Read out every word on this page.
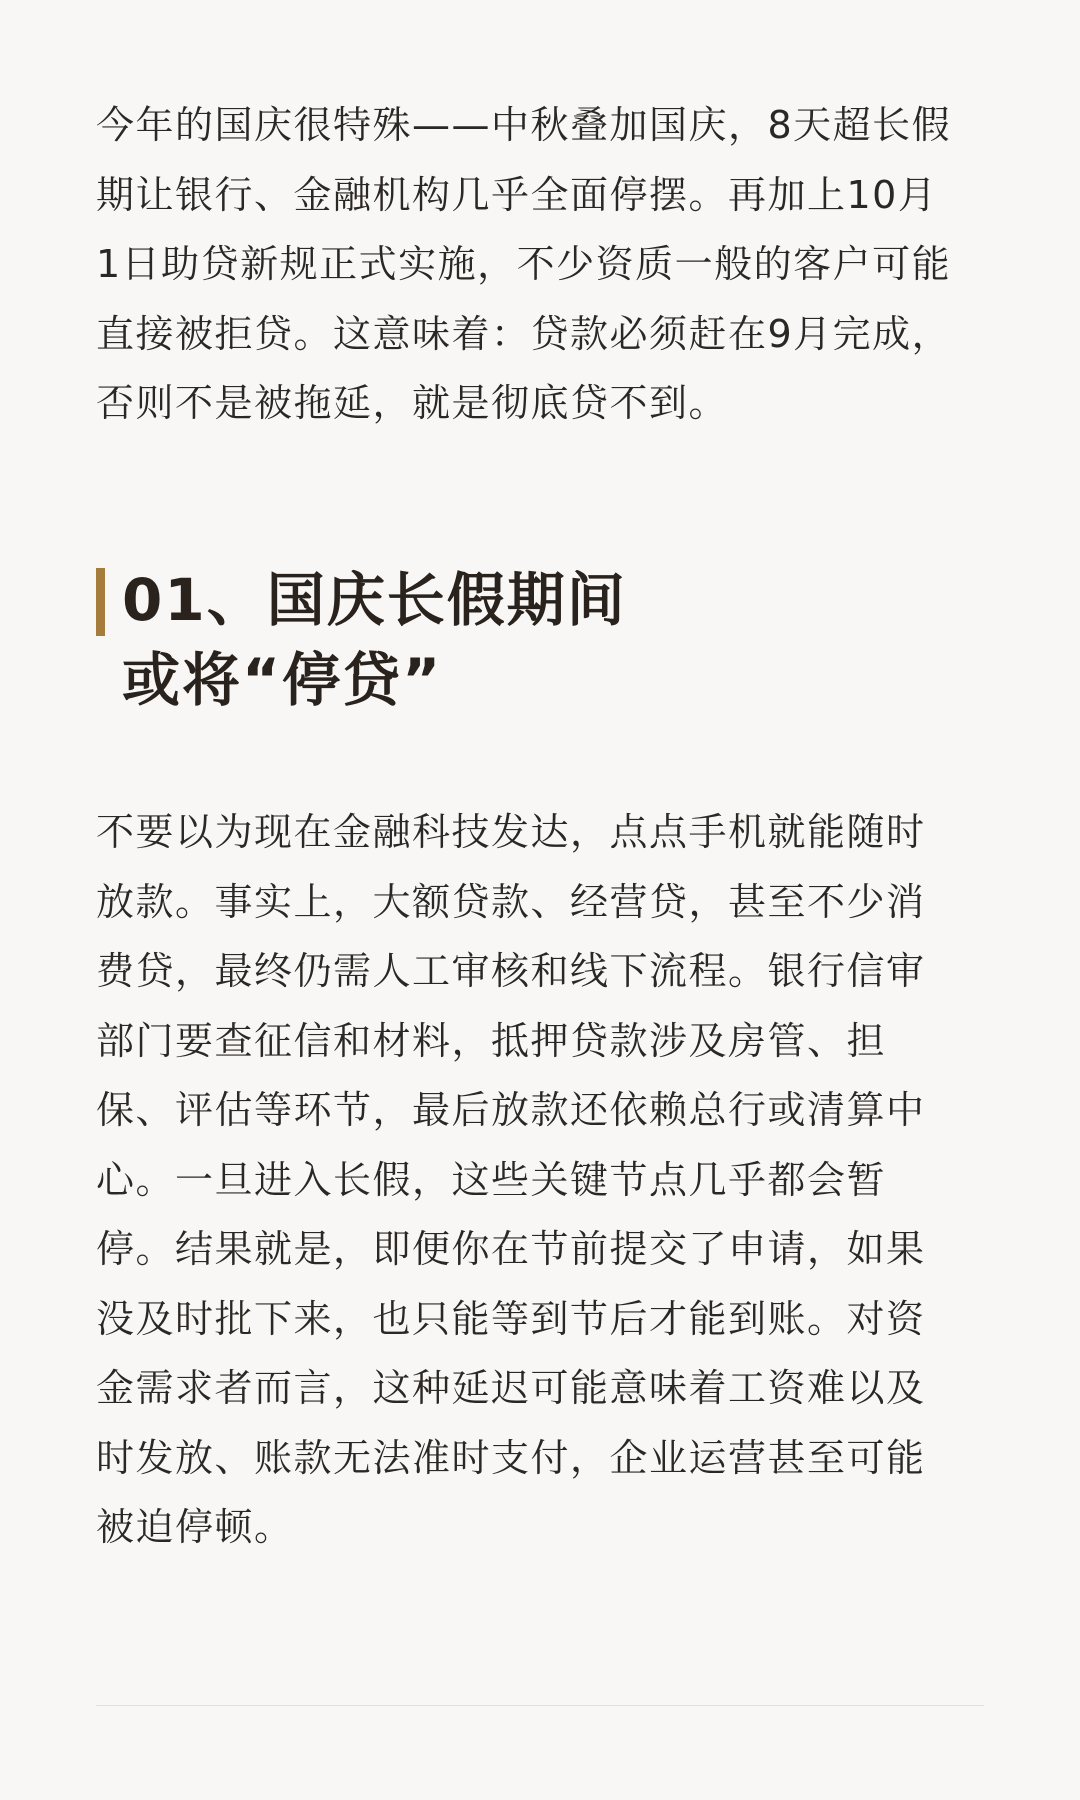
今年的国庆很特殊——中秋叠加国庆，8天超长假
期让银行、金融机构几乎全面停摆。再加上10月
1日助贷新规正式实施，不少资质一般的客户可能
直接被拒贷。这意味着：贷款必须赶在9月完成，
否则不是被拖延，就是彻底贷不到。
01、国庆长假期间
或将“停贷”
不要以为现在金融科技发达，点点手机就能随时
放款。事实上，大额贷款、经营贷，甚至不少消
费贷，最终仍需人工审核和线下流程。银行信审
部门要查征信和材料，抵押贷款涉及房管、担
保、评估等环节，最后放款还依赖总行或清算中
心。一旦进入长假，这些关键节点几乎都会暂
停。结果就是，即便你在节前提交了申请，如果
没及时批下来，也只能等到节后才能到账。对资
金需求者而言，这种延迟可能意味着工资难以及
时发放、账款无法准时支付，企业运营甚至可能
被迫停顿。
